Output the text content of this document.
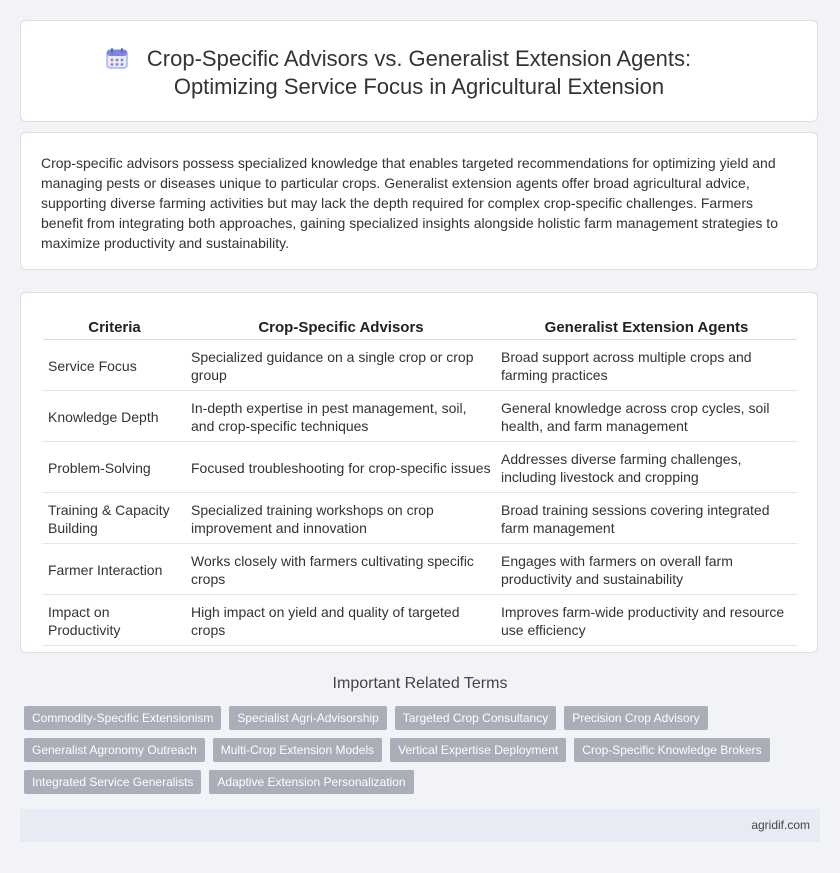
Crop-Specific Advisors vs. Generalist Extension Agents: Optimizing Service Focus in Agricultural Extension

Crop-specific advisors possess specialized knowledge that enables targeted recommendations for optimizing yield and managing pests or diseases unique to particular crops. Generalist extension agents offer broad agricultural advice, supporting diverse farming activities but may lack the depth required for complex crop-specific challenges. Farmers benefit from integrating both approaches, gaining specialized insights alongside holistic farm management strategies to maximize productivity and sustainability.

Criteria	Crop-Specific Advisors	Generalist Extension Agents
Service Focus	Specialized guidance on a single crop or crop group	Broad support across multiple crops and farming practices
Knowledge Depth	In-depth expertise in pest management, soil, and crop-specific techniques	General knowledge across crop cycles, soil health, and farm management
Problem-Solving	Focused troubleshooting for crop-specific issues	Addresses diverse farming challenges, including livestock and cropping
Training & Capacity Building	Specialized training workshops on crop improvement and innovation	Broad training sessions covering integrated farm management
Farmer Interaction	Works closely with farmers cultivating specific crops	Engages with farmers on overall farm productivity and sustainability
Impact on Productivity	High impact on yield and quality of targeted crops	Improves farm-wide productivity and resource use efficiency
Important Related Terms
Commodity-Specific Extensionism	Specialist Agri-Advisorship	Targeted Crop Consultancy	Precision Crop Advisory
Generalist Agronomy Outreach	Multi-Crop Extension Models	Vertical Expertise Deployment	Crop-Specific Knowledge Brokers
Integrated Service Generalists	Adaptive Extension Personalization
agridif.com
